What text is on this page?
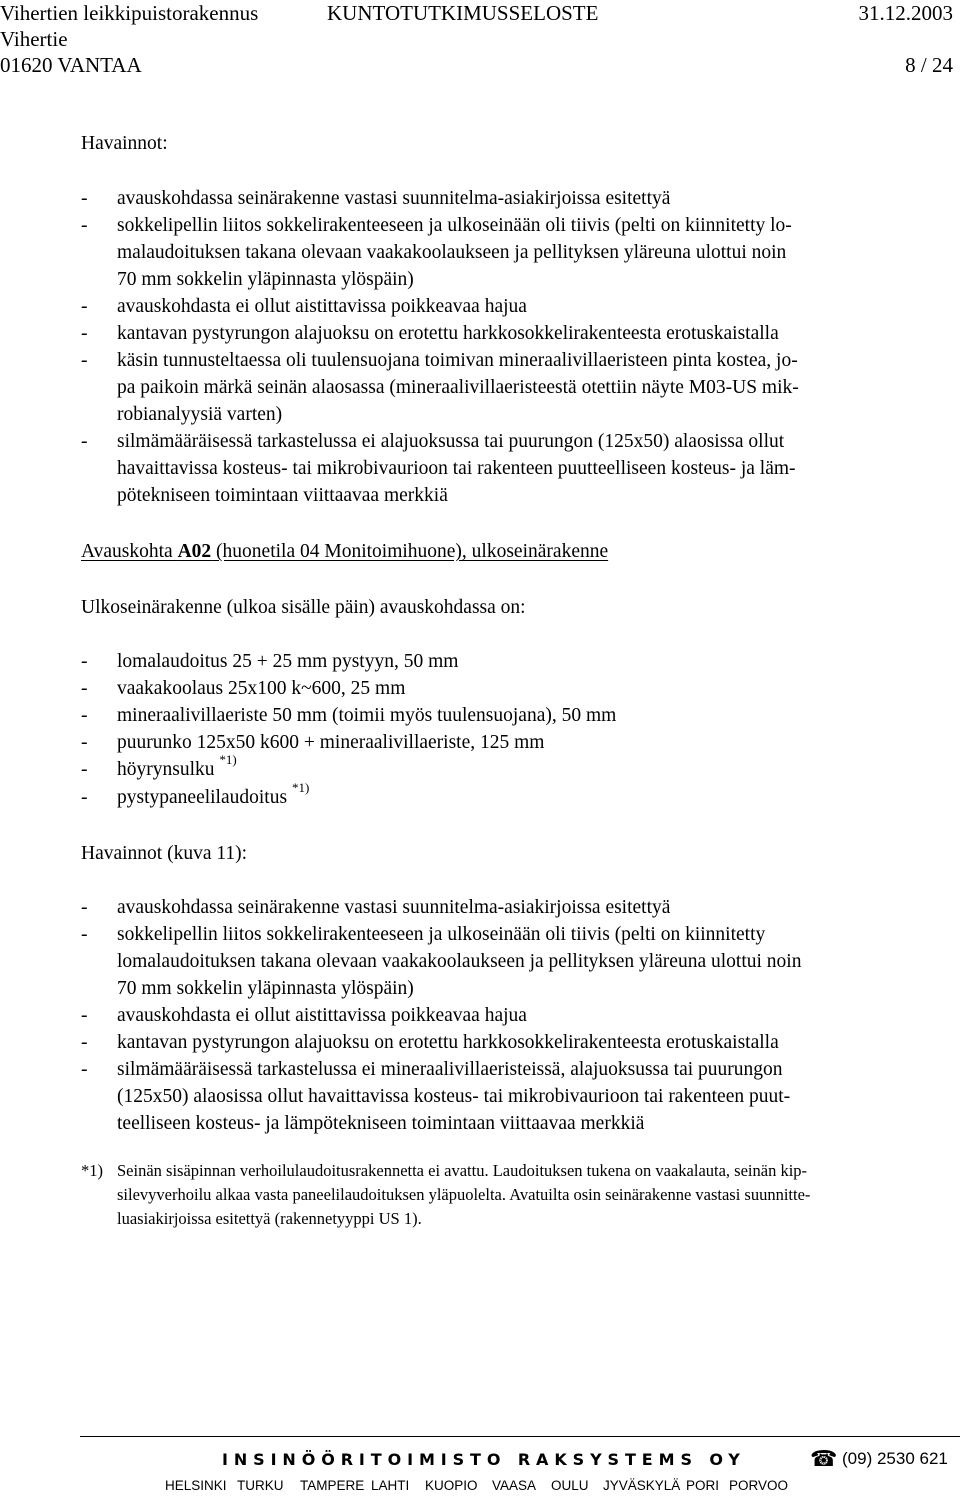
Vihertien leikkipuistorakennus	KUNTOTUTKIMUSSELOSTE	31.12.2003
Vihertie
01620 VANTAA	8 / 24
Havainnot:
- avauskohdassa seinärakenne vastasi suunnitelma-asiakirjoissa esitettyä
- sokkelipellin liitos sokkelirakenteeseen ja ulkoseinään oli tiivis (pelti on kiinnitetty lo-
malaudoituksen takana olevaan vaakakoolaukseen ja pellityksen yläreuna ulottui noin
70 mm sokkelin yläpinnasta ylöspäin)
- avauskohdasta ei ollut aistittavissa poikkeavaa hajua
- kantavan pystyrungon alajuoksu on erotettu harkkosokkelirakenteesta erotuskaistalla
- käsin tunnusteltaessa oli tuulensuojana toimivan mineraalivillaeristeen pinta kostea, jo-
pa paikoin märkä seinän alaosassa (mineraalivillaeristeestä otettiin näyte M03-US mik-
robianalyysiä varten)
- silmämääräisessä tarkastelussa ei alajuoksussa tai puurungon (125x50) alaosissa ollut
havaittavissa kosteus- tai mikrobivaurioon tai rakenteen puutteelliseen kosteus- ja läm-
pötekniseen toimintaan viittaavaa merkkiä
Avauskohta A02 (huonetila 04 Monitoimihuone), ulkoseinärakenne
Ulkoseinärakenne (ulkoa sisälle päin) avauskohdassa on:
- lomalaudoitus 25 + 25 mm pystyyn, 50 mm
- vaakakoolaus 25x100 k~600, 25 mm
- mineraalivillaeriste 50 mm (toimii myös tuulensuojana), 50 mm
- puurunko 125x50 k600 + mineraalivillaeriste, 125 mm
- höyrynsulku $^{*1)}$
- pystypaneelilaudoitus $^{*1)}$
Havainnot (kuva 11):
- avauskohdassa seinärakenne vastasi suunnitelma-asiakirjoissa esitettyä
- sokkelipellin liitos sokkelirakenteeseen ja ulkoseinään oli tiivis (pelti on kiinnitetty
lomalaudoituksen takana olevaan vaakakoolaukseen ja pellityksen yläreuna ulottui noin
70 mm sokkelin yläpinnasta ylöspäin)
- avauskohdasta ei ollut aistittavissa poikkeavaa hajua
- kantavan pystyrungon alajuoksu on erotettu harkkosokkelirakenteesta erotuskaistalla
- silmämääräisessä tarkastelussa ei mineraalivillaeristeissä, alajuoksussa tai puurungon
(125x50) alaosissa ollut havaittavissa kosteus- tai mikrobivaurioon tai rakenteen puut-
teelliseen kosteus- ja lämpötekniseen toimintaan viittaavaa merkkiä
*1) Seinän sisäpinnan verhoilulaudoitusrakennetta ei avattu. Laudoituksen tukena on vaakalauta, seinän kip-
silevyverhoilu alkaa vasta paneelilaudoituksen yläpuolelta. Avatuilta osin seinärakenne vastasi suunnitte-
luasiakirjoissa esitettyä (rakennetyyppi US 1).
INSINÖÖRITOIMISTO RAKSYSTEMS OY	☎ (09) 2530 621
HELSINKI TURKU TAMPERE LAHTI KUOPIO VAASA OULU JYVÄSKYLÄ PORI PORVOO
